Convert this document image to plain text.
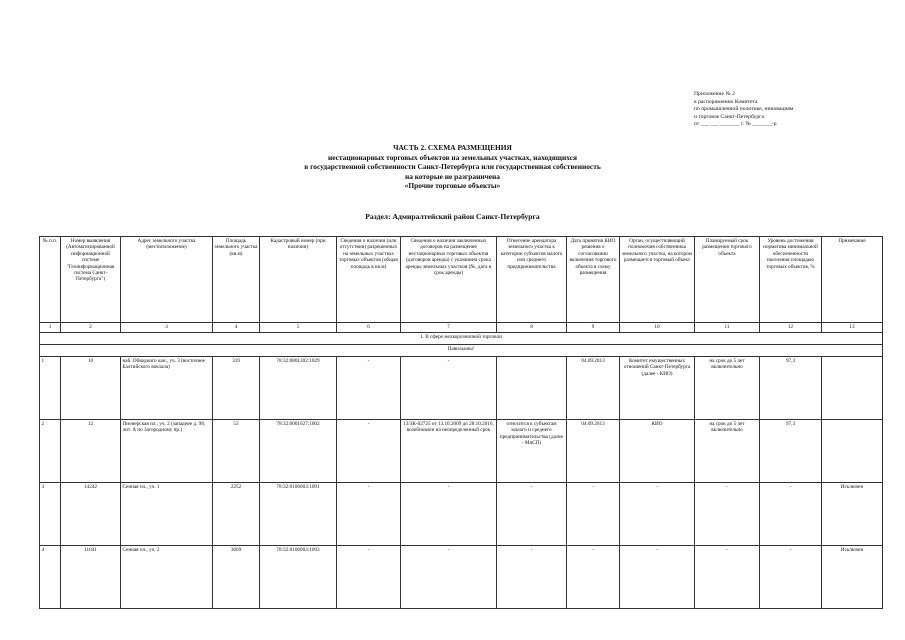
Приложение № 2
к распоряжению Комитета
по промышленной политике, инновациям
и торговле Санкт-Петербурга
от ___ ___ _______ г. № _______-р
ЧАСТЬ 2. СХЕМА РАЗМЕЩЕНИЯ
нестационарных торговых объектов на земельных участках, находящихся
в государственной собственности Санкт-Петербурга или государственная собственность
на которые не разграничена
«Прочие торговые объекты»
Раздел: Адмиралтейский район Санкт-Петербурга
№ п.п.	Номер выявления (Автоматизированной информационной системе "Геоинформационная система Санкт-Петербурга")	Адрес земельного участка (местоположение)	Площадь земельного участка (кв.м)	Кадастровый номер (при наличии)	Сведения о наличии (или отсутствии) разрешенных на земельных участках торговых объектов (общая площадь в кв.м)	Сведения о наличии заключенных договоров на размещение нестационарных торговых объектов (договоров аренды) с указанием срока аренды земельных участков (№, дата и срок аренды)	Отнесение арендатора земельного участка к категории субъектов малого или среднего предпринимательства	Дата принятия КИО решения о согласовании включения торгового объекта в схему размещения	Орган, осуществляющий полномочия собственника земельного участка, на котором размещается торговый объект	Планируемый срок размещения торгового объекта	Уровень достижения норматива минимальной обеспеченности населения площадью торговых объектов, %	Примечание
1	2	3	4	5	6	7	8	9	10	11	12	13
1. В сфере мелкорозничной торговли												
Павильоны¹												
1	10	наб. Обводного кан., уч. 3 (восточнее Балтийского вокзала)	319	78:32:0801202:1029	-	-		04.09.2013	Комитет имущественных отношений Санкт-Петербурга (далее - КИО)	на срок до 5 лет включительно	97,3	
2	12	Пионерская пл., уч. 2 (западнее д. 98, лит. А по Загородному пр.)	53	78:32:0001627:1002	-	13/ЗК-02725 от 13.10.2009 до 28.10.2016, возобновлен на неопределенный срок	относится к субъектам малого и среднего предпринимательства (далее - МиСП)	04.09.2013	КИО	на срок до 5 лет включительно	97,3	
3	14242	Сенная пл., уч. 1	2252	78:32:0106003:1091	-	-	-	-	-	-	-	Исключен
4	11041	Сенная пл., уч. 2	3669	78:32:0106003:1093	-	-	-	-	-	-	-	Исключен
